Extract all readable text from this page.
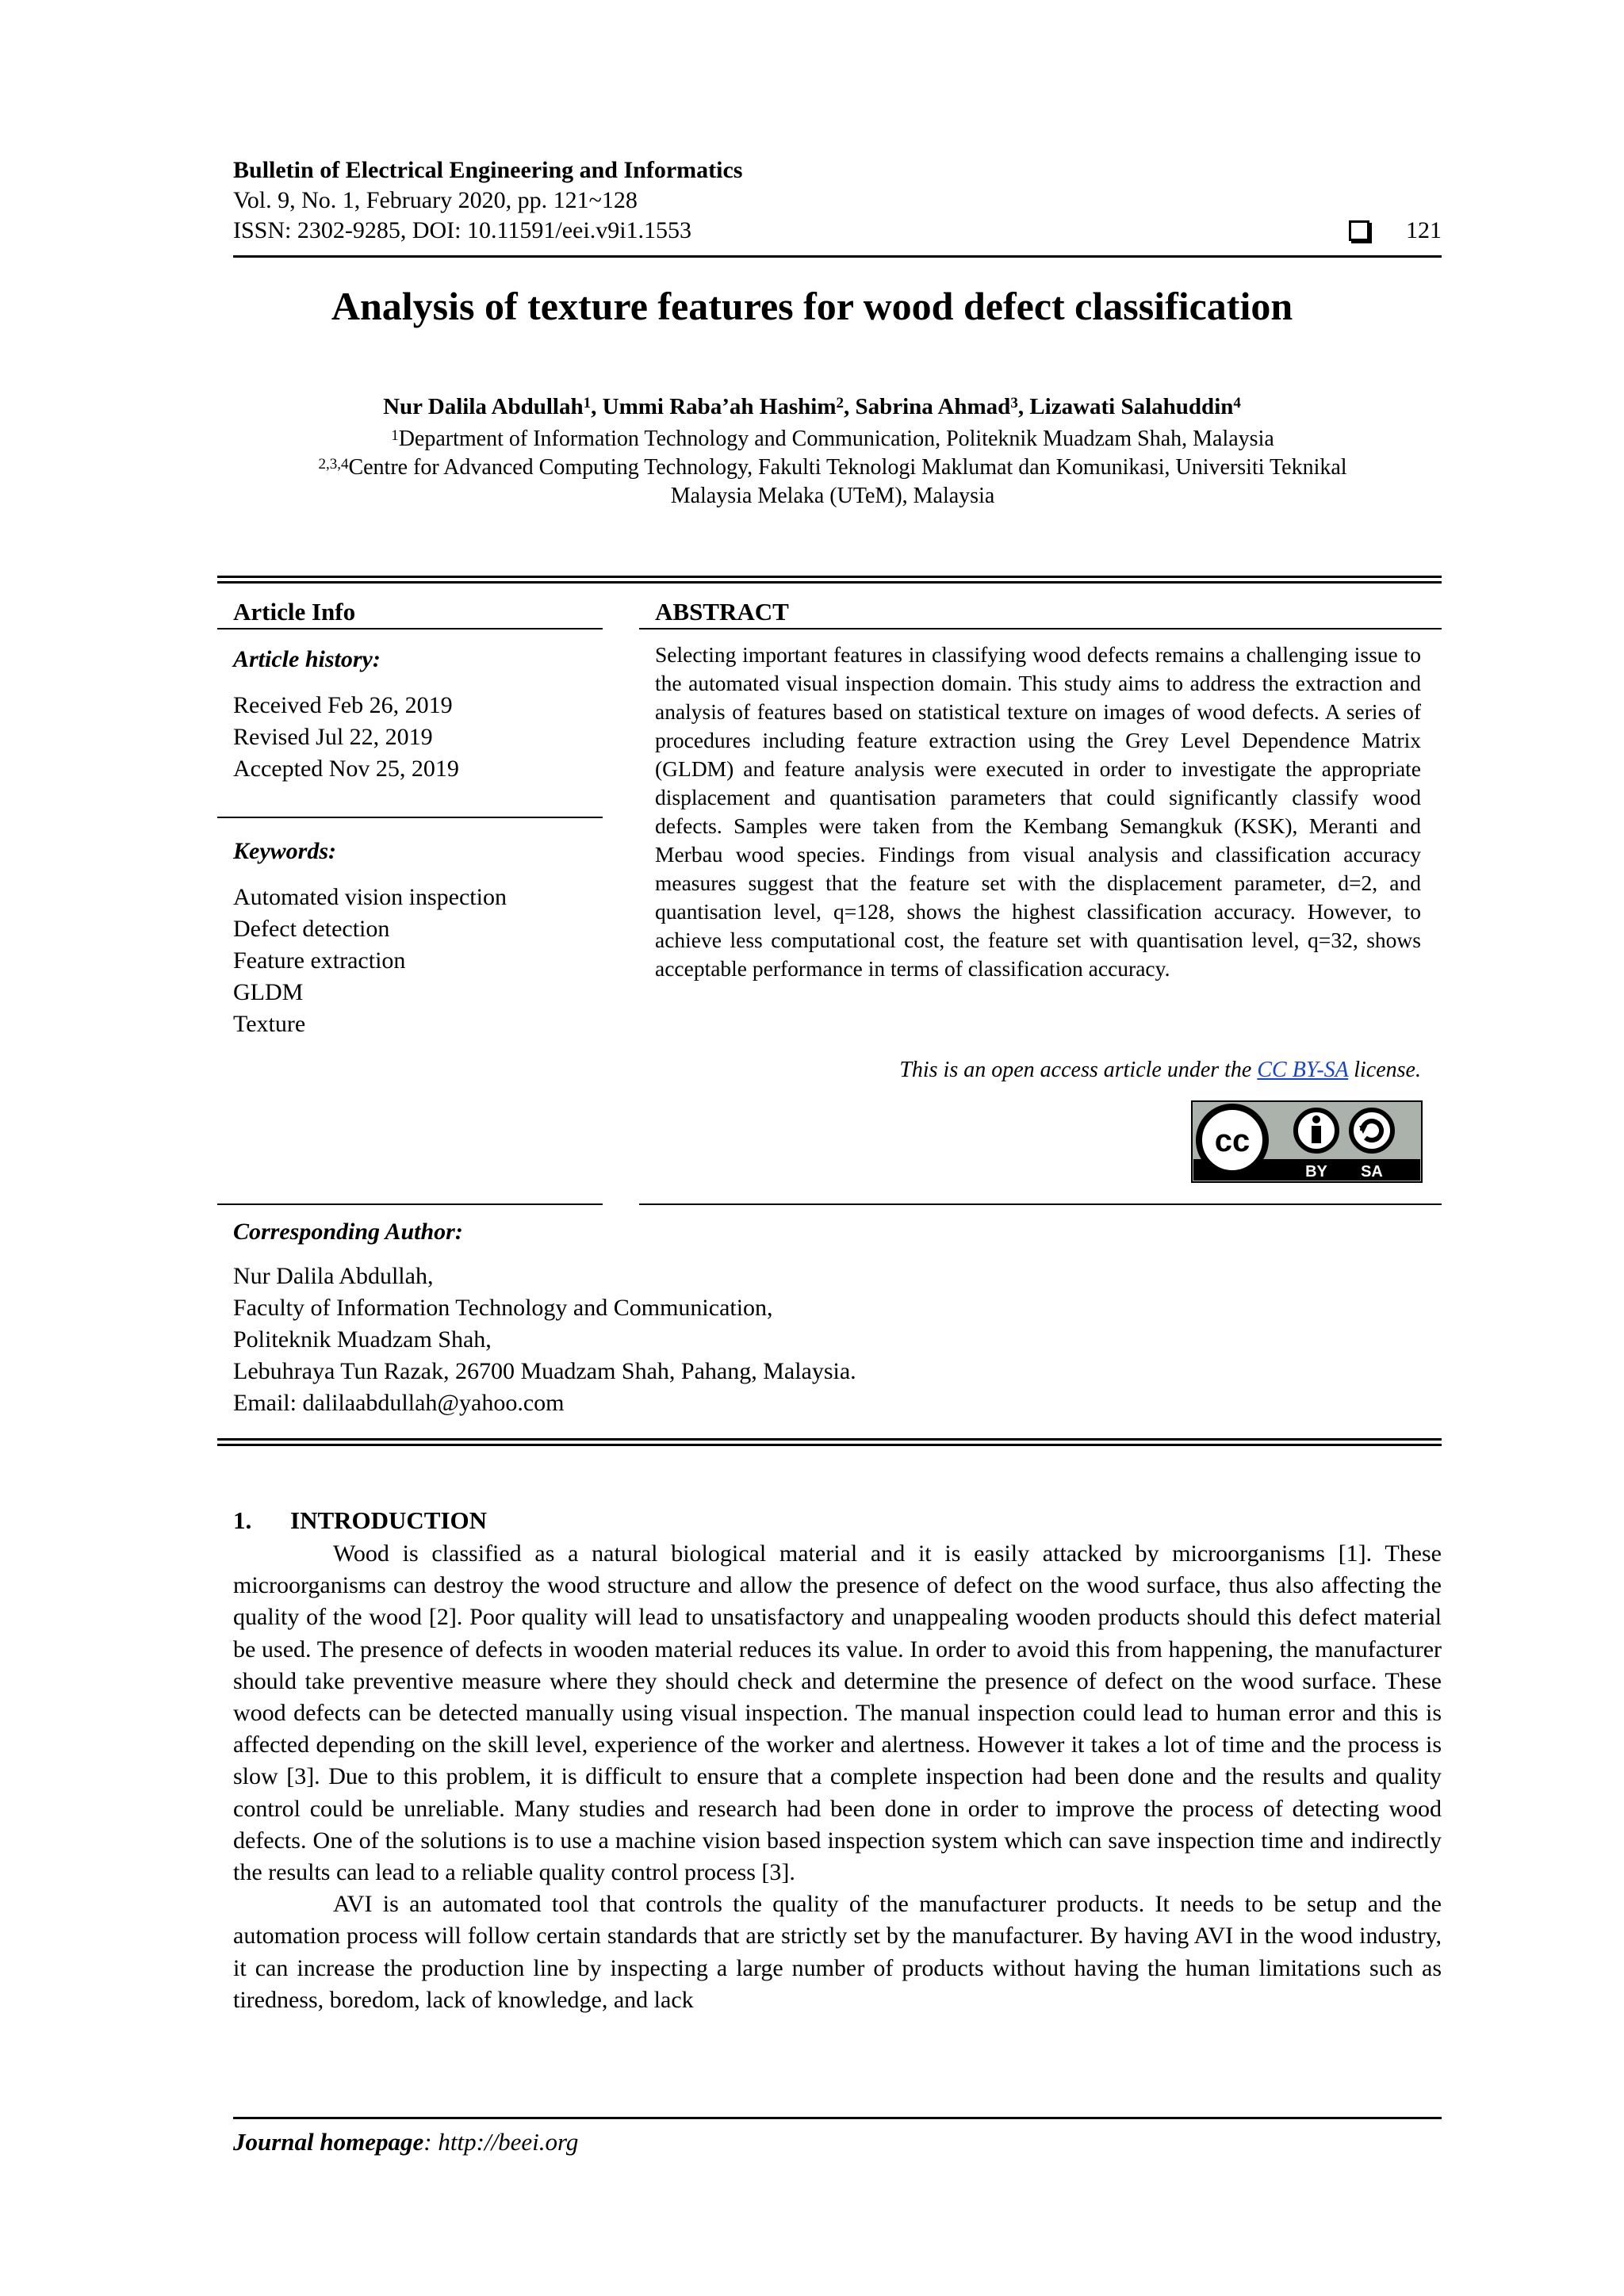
Bulletin of Electrical Engineering and Informatics
Vol. 9, No. 1, February 2020, pp. 121~128
ISSN: 2302-9285, DOI: 10.11591/eei.v9i1.1553	121
Analysis of texture features for wood defect classification
Nur Dalila Abdullah$^1$, Ummi Raba’ah Hashim$^2$, Sabrina Ahmad$^3$, Lizawati Salahuddin$^4$
$^1$Department of Information Technology and Communication, Politeknik Muadzam Shah, Malaysia
$^{2,3,4}$Centre for Advanced Computing Technology, Fakulti Teknologi Maklumat dan Komunikasi, Universiti Teknikal
Malaysia Melaka (UTeM), Malaysia
Article Info
Article history:
Received Feb 26, 2019
Revised Jul 22, 2019
Accepted Nov 25, 2019
Keywords:
Automated vision inspection
Defect detection
Feature extraction
GLDM
Texture
ABSTRACT
Selecting important features in classifying wood defects remains a challenging issue to the automated visual inspection domain. This study aims to address the extraction and analysis of features based on statistical texture on images of wood defects. A series of procedures including feature extraction using the Grey Level Dependence Matrix (GLDM) and feature analysis were executed in order to investigate the appropriate displacement and quantisation parameters that could significantly classify wood defects. Samples were taken from the Kembang Semangkuk (KSK), Meranti and Merbau wood species. Findings from visual analysis and classification accuracy measures suggest that the feature set with the displacement parameter, d=2, and quantisation level, q=128, shows the highest classification accuracy. However, to achieve less computational cost, the feature set with quantisation level, q=32, shows acceptable performance in terms of classification accuracy.
This is an open access article under the CC BY-SA license.
cc
BY SA
Corresponding Author:
Nur Dalila Abdullah,
Faculty of Information Technology and Communication,
Politeknik Muadzam Shah,
Lebuhraya Tun Razak, 26700 Muadzam Shah, Pahang, Malaysia.
Email: dalilaabdullah@yahoo.com
1. INTRODUCTION

Wood is classified as a natural biological material and it is easily attacked by microorganisms [1]. These microorganisms can destroy the wood structure and allow the presence of defect on the wood surface, thus also affecting the quality of the wood [2]. Poor quality will lead to unsatisfactory and unappealing wooden products should this defect material be used. The presence of defects in wooden material reduces its value. In order to avoid this from happening, the manufacturer should take preventive measure where they should check and determine the presence of defect on the wood surface. These wood defects can be detected manually using visual inspection. The manual inspection could lead to human error and this is affected depending on the skill level, experience of the worker and alertness. However it takes a lot of time and the process is slow [3]. Due to this problem, it is difficult to ensure that a complete inspection had been done and the results and quality control could be unreliable. Many studies and research had been done in order to improve the process of detecting wood defects. One of the solutions is to use a machine vision based inspection system which can save inspection time and indirectly the results can lead to a reliable quality control process [3].

AVI is an automated tool that controls the quality of the manufacturer products. It needs to be setup and the automation process will follow certain standards that are strictly set by the manufacturer. By having AVI in the wood industry, it can increase the production line by inspecting a large number of products without having the human limitations such as tiredness, boredom, lack of knowledge, and lack

Journal homepage: http://beei.org
